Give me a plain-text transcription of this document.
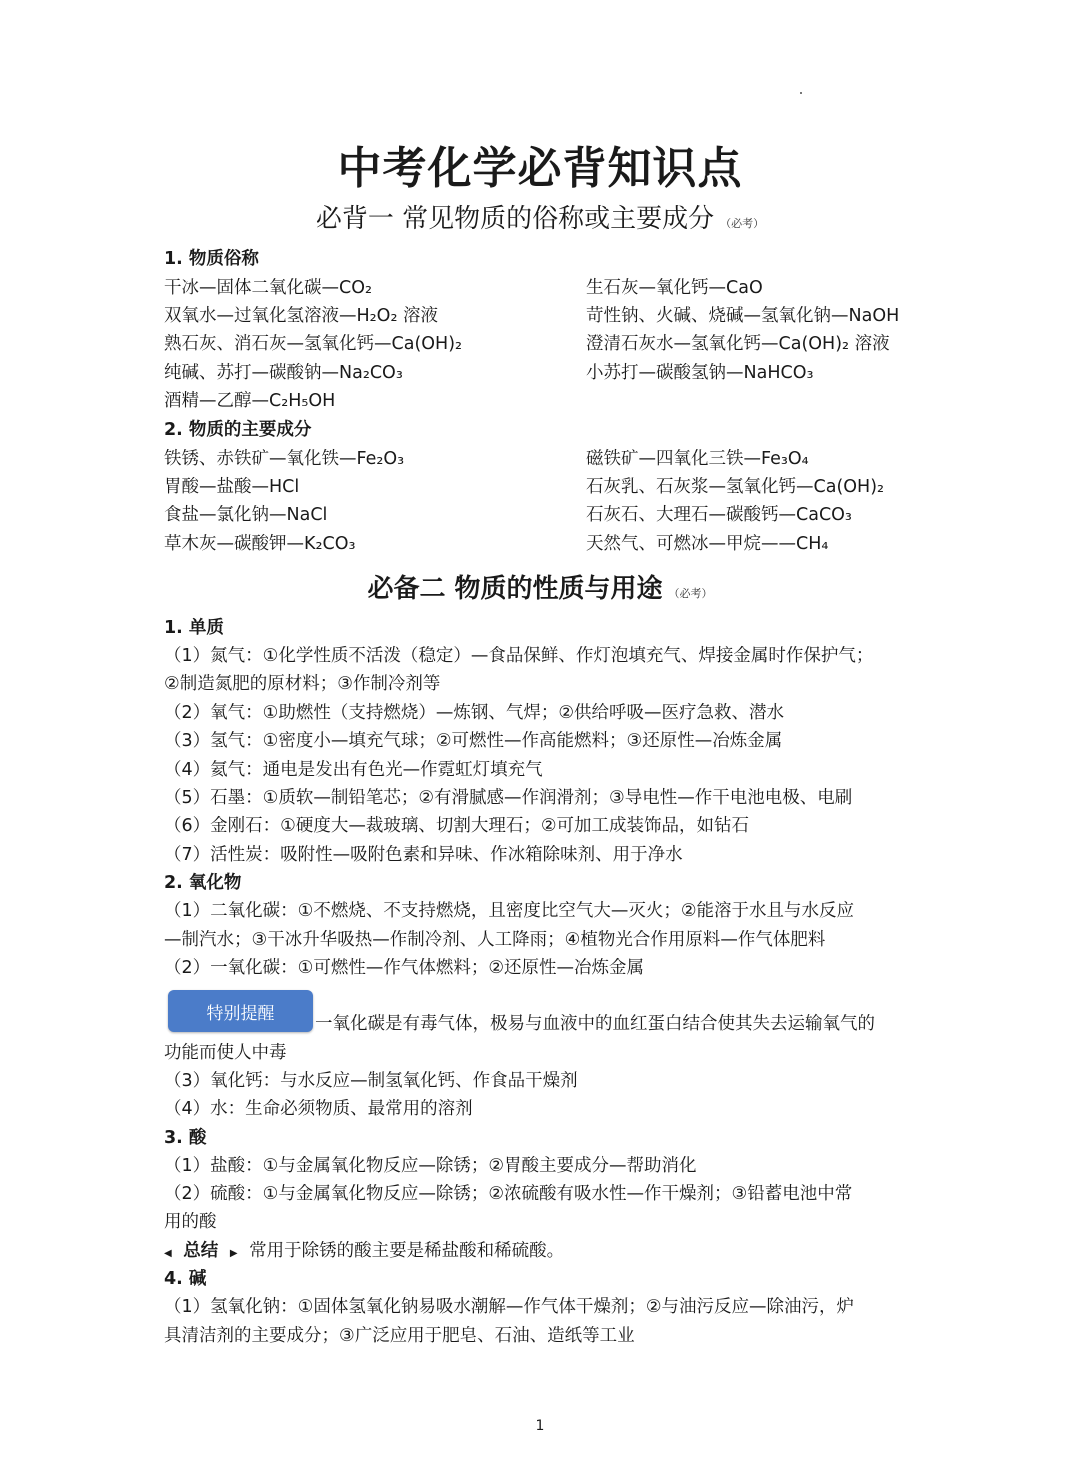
中考化学必背知识点
必背一 常见物质的俗称或主要成分 （必考）
1. 物质俗称
干冰—固体二氧化碳—CO₂
双氧水—过氧化氢溶液—H₂O₂ 溶液
熟石灰、消石灰—氢氧化钙—Ca(OH)₂
纯碱、苏打—碳酸钠—Na₂CO₃
酒精—乙醇—C₂H₅OH
生石灰—氧化钙—CaO
苛性钠、火碱、烧碱—氢氧化钠—NaOH
澄清石灰水—氢氧化钙—Ca(OH)₂ 溶液
小苏打—碳酸氢钠—NaHCO₃
2. 物质的主要成分
铁锈、赤铁矿—氧化铁—Fe₂O₃
胃酸—盐酸—HCl
食盐—氯化钠—NaCl
草木灰—碳酸钾—K₂CO₃
磁铁矿—四氧化三铁—Fe₃O₄
石灰乳、石灰浆—氢氧化钙—Ca(OH)₂
石灰石、大理石—碳酸钙—CaCO₃
天然气、可燃冰—甲烷——CH₄
必备二 物质的性质与用途 （必考）
1. 单质
（1）氮气：①化学性质不活泼（稳定）—食品保鲜、作灯泡填充气、焊接金属时作保护气；
②制造氮肥的原材料；③作制冷剂等
（2）氧气：①助燃性（支持燃烧）—炼钢、气焊；②供给呼吸—医疗急救、潜水
（3）氢气：①密度小—填充气球；②可燃性—作高能燃料；③还原性—冶炼金属
（4）氦气：通电是发出有色光—作霓虹灯填充气
（5）石墨：①质软—制铅笔芯；②有滑腻感—作润滑剂；③导电性—作干电池电极、电刷
（6）金刚石：①硬度大—裁玻璃、切割大理石；②可加工成装饰品，如钻石
（7）活性炭：吸附性—吸附色素和异味、作冰箱除味剂、用于净水
2. 氧化物
（1）二氧化碳：①不燃烧、不支持燃烧，且密度比空气大—灭火；②能溶于水且与水反应
—制汽水；③干冰升华吸热—作制冷剂、人工降雨；④植物光合作用原料—作气体肥料
（2）一氧化碳：①可燃性—作气体燃料；②还原性—冶炼金属
特别提醒
一氧化碳是有毒气体，极易与血液中的血红蛋白结合使其失去运输氧气的
功能而使人中毒
（3）氧化钙：与水反应—制氢氧化钙、作食品干燥剂
（4）水：生命必须物质、最常用的溶剂
3. 酸
（1）盐酸：①与金属氧化物反应—除锈；②胃酸主要成分—帮助消化
（2）硫酸：①与金属氧化物反应—除锈；②浓硫酸有吸水性—作干燥剂；③铅蓄电池中常
用的酸
◀ 总结 ▶ 常用于除锈的酸主要是稀盐酸和稀硫酸。
4. 碱
（1）氢氧化钠：①固体氢氧化钠易吸水潮解—作气体干燥剂；②与油污反应—除油污，炉
具清洁剂的主要成分；③广泛应用于肥皂、石油、造纸等工业
1
